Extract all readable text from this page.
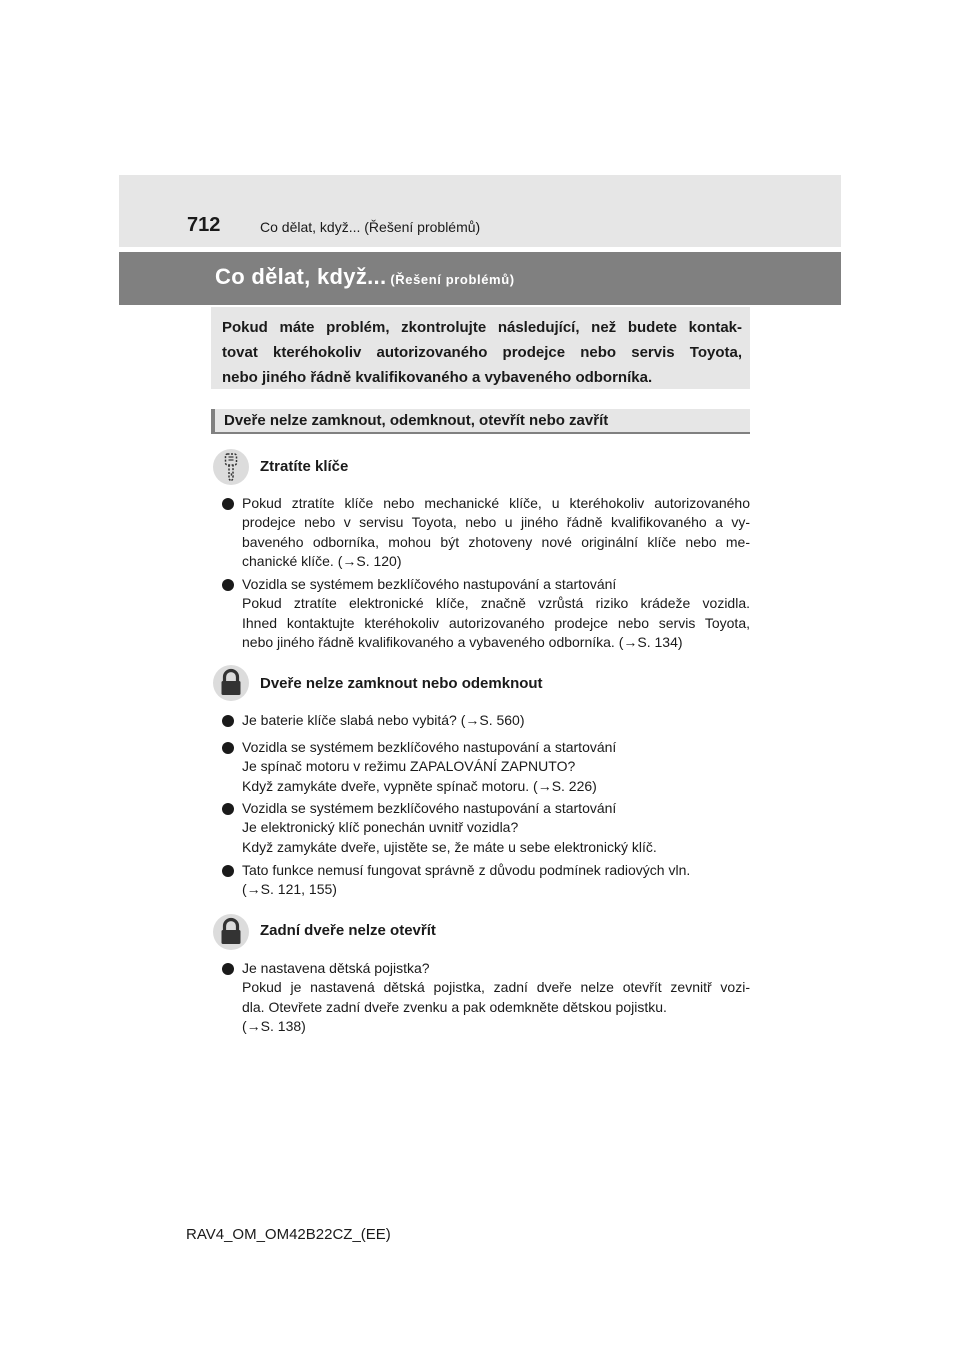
712	Co dělat, když... (Řešení problémů)
Co dělat, když... (Řešení problémů)
Pokud máte problém, zkontrolujte následující, než budete kontak-
tovat kteréhokoliv autorizovaného prodejce nebo servis Toyota,
nebo jiného řádně kvalifikovaného a vybaveného odborníka.
Dveře nelze zamknout, odemknout, otevřít nebo zavřít
Ztratíte klíče
Pokud ztratíte klíče nebo mechanické klíče, u kteréhokoliv autorizovaného
prodejce nebo v servisu Toyota, nebo u jiného řádně kvalifikovaného a vy-
baveného odborníka, mohou být zhotoveny nové originální klíče nebo me-
chanické klíče. (→S. 120)
Vozidla se systémem bezklíčového nastupování a startování
Pokud ztratíte elektronické klíče, značně vzrůstá riziko krádeže vozidla.
Ihned kontaktujte kteréhokoliv autorizovaného prodejce nebo servis Toyota,
nebo jiného řádně kvalifikovaného a vybaveného odborníka. (→S. 134)
Dveře nelze zamknout nebo odemknout
Je baterie klíče slabá nebo vybitá? (→S. 560)
Vozidla se systémem bezklíčového nastupování a startování
Je spínač motoru v režimu ZAPALOVÁNÍ ZAPNUTO?
Když zamykáte dveře, vypněte spínač motoru. (→S. 226)
Vozidla se systémem bezklíčového nastupování a startování
Je elektronický klíč ponechán uvnitř vozidla?
Když zamykáte dveře, ujistěte se, že máte u sebe elektronický klíč.
Tato funkce nemusí fungovat správně z důvodu podmínek radiových vln.
(→S. 121, 155)
Zadní dveře nelze otevřít
Je nastavena dětská pojistka?
Pokud je nastavená dětská pojistka, zadní dveře nelze otevřít zevnitř vozi-
dla. Otevřete zadní dveře zvenku a pak odemkněte dětskou pojistku.
(→S. 138)
RAV4_OM_OM42B22CZ_(EE)
